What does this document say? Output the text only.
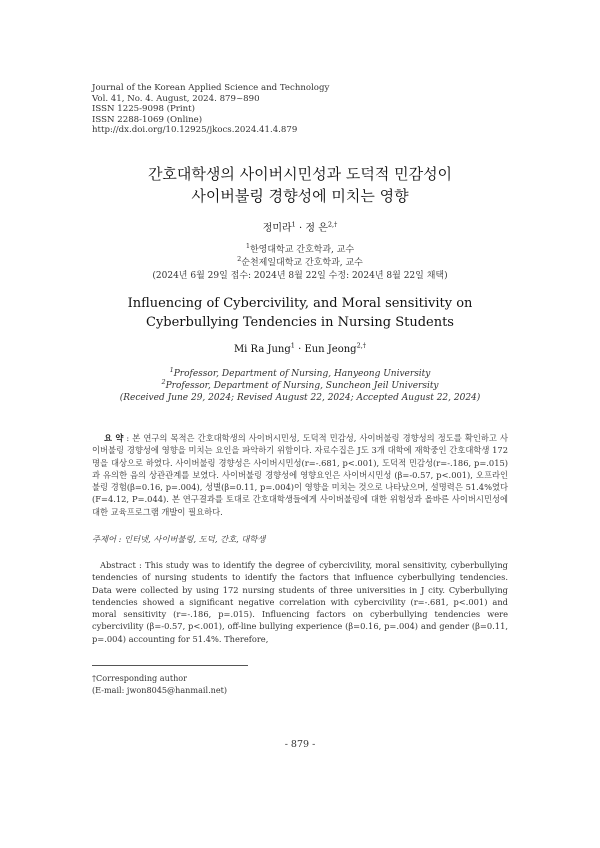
Journal of the Korean Applied Science and Technology
Vol. 41, No. 4. August, 2024. 879~890
ISSN 1225-9098 (Print)
ISSN 2288-1069 (Online)
http://dx.doi.org/10.12925/jkocs.2024.41.4.879
간호대학생의 사이버시민성과 도덕적 민감성이
사이버불링 경향성에 미치는 영향
정미라$^1$ · 정 은$^{2,\dagger}$
$^1$한영대학교 간호학과, 교수
$^2$순천제일대학교 간호학과, 교수
(2024년 6월 29일 접수: 2024년 8월 22일 수정: 2024년 8월 22일 채택)
Influencing of Cybercivility, and Moral sensitivity on
Cyberbullying Tendencies in Nursing Students
Mi Ra Jung$^1$ · Eun Jeong$^{2,\dagger}$
$^1$Professor, Department of Nursing, Hanyeong University
$^2$Professor, Department of Nursing, Suncheon Jeil University
(Received June 29, 2024; Revised August 22, 2024; Accepted August 22, 2024)
요 약 : 본 연구의 목적은 간호대학생의 사이버시민성, 도덕적 민감성, 사이버불링 경향성의 정도를 확인하고 사이버불링 경향성에 영향을 미치는 요인을 파악하기 위함이다. 자료수집은 J도 3개 대학에 재학중인 간호대학생 172명을 대상으로 하였다. 사이버불링 경향성은 사이버시민성(r=-.681, p<.001), 도덕적 민감성(r=-.186, p=.015)과 유의한 음의 상관관계를 보였다. 사이버불링 경향성에 영향요인은 사이버시민성 (β=-0.57, p<.001), 오프라인불링 경험(β=0.16, p=.004), 성별(β=0.11, p=.004)이 영향을 미치는 것으로 나타났으며, 설명력은 51.4%였다(F=4.12, P=.044). 본 연구결과를 토대로 간호대학생들에게 사이버불링에 대한 위험성과 올바른 사이버시민성에 대한 교육프로그램 개발이 필요하다.
주제어 : 인터넷, 사이버불링, 도덕, 간호, 대학생
Abstract : This study was to identify the degree of cybercivility, moral sensitivity, cyberbullying tendencies of nursing students to identify the factors that influence cyberbullying tendencies. Data were collected by using 172 nursing students of three universities in J city. Cyberbullying tendencies showed a significant negative correlation with cybercivility (r=-.681, p<.001) and moral sensitivity (r=-.186, p=.015). Influencing factors on cyberbullying tendencies were cybercivility (β=-0.57, p<.001), off-line bullying experience (β=0.16, p=.004) and gender (β=0.11, p=.004) accounting for 51.4%. Therefore,
†Corresponding author
(E-mail: jwon8045@hanmail.net)
- 879 -
